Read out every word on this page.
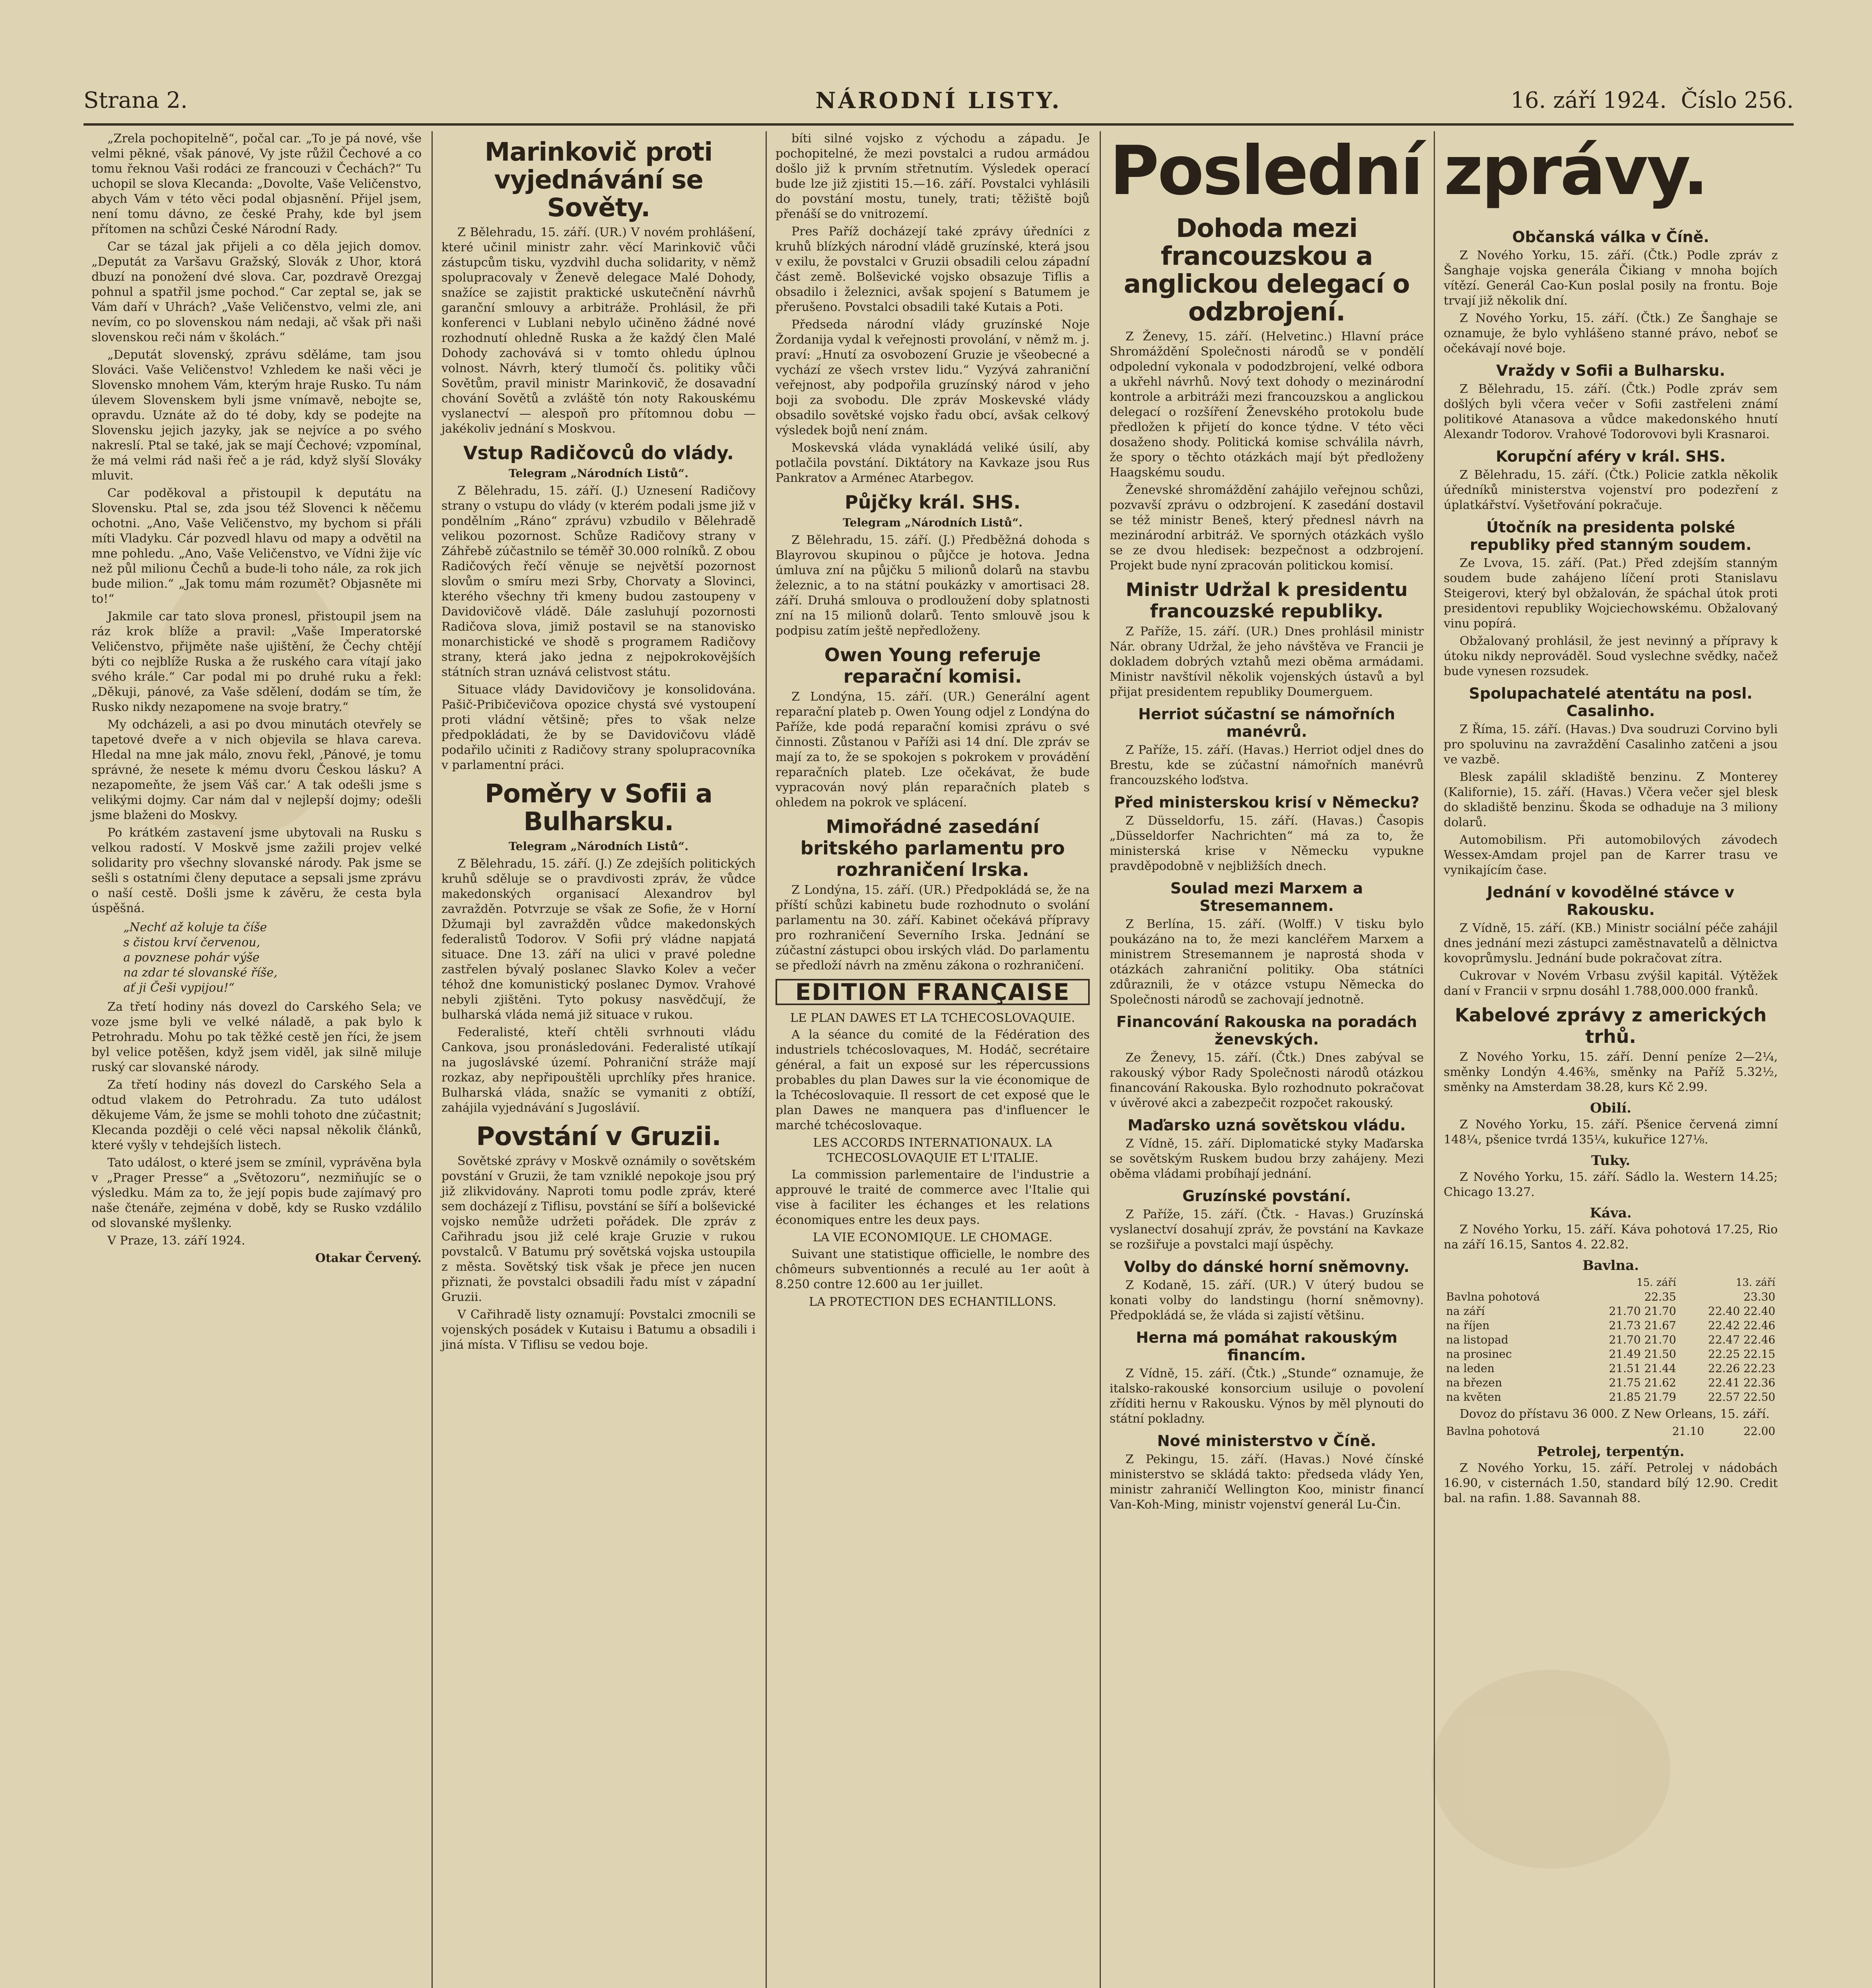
Strana 2.	NÁRODNÍ LISTY.	16. září 1924. Číslo 256.

„Zrela pochopitelně“, počal car. „To je pá nové, vše velmi pěkné, však pánové, Vy jste růžil Čechové a co tomu řeknou Vaši rodáci ze francouzi v Čechách?“ Tu uchopil se slova Klecanda: „Dovolte, Vaše Veličenstvo, abych Vám v této věci podal objasnění. Přijel jsem, není tomu dávno, ze české Prahy, kde byl jsem přítomen na schůzi České Národní Rady.

Car se tázal jak přijeli a co děla jejich domov. „Deputát za Varšavu Gražský, Slovák z Uhor, ktorá dbuzí na ponožení dvé slova. Car, pozdravě Orezgaj pohnul a spatřil jsme pochod.“ Car zeptal se, jak se Vám daří v Uhrách? „Vaše Veličenstvo, velmi zle, ani nevím, co po slovenskou nám nedaji, ač však při naši slovenskou reči nám v školách.“

„Deputát slovenský, zprávu sděláme, tam jsou Slováci. Vaše Veličenstvo! Vzhledem ke naši věci je Slovensko mnohem Vám, kterým hraje Rusko. Tu nám úlevem Slovenskem byli jsme vnímavě, nebojte se, opravdu. Uznáte až do té doby, kdy se podejte na Slovensku jejich jazyky, jak se nejvíce a po svého nakreslí. Ptal se také, jak se mají Čechové; vzpomínal, že má velmi rád naši řeč a je rád, když slyší Slováky mluvit.

Car poděkoval a přistoupil k deputátu na Slovensku. Ptal se, zda jsou též Slovenci k něčemu ochotni. „Ano, Vaše Veličenstvo, my bychom si přáli míti Vladyku. Cár pozvedl hlavu od mapy a odvětil na mne pohledu. „Ano, Vaše Veličenstvo, ve Vídni žije víc než půl milionu Čechů a bude-li toho nále, za rok jich bude milion.“ „Jak tomu mám rozumět? Objasněte mi to!“

Jakmile car tato slova pronesl, přistoupil jsem na ráz krok blíže a pravil: „Vaše Imperatorské Veličenstvo, přijměte naše ujištění, že Čechy chtějí býti co nejblíže Ruska a že ruského cara vítají jako svého krále.“ Car podal mi po druhé ruku a řekl: „Děkuji, pánové, za Vaše sdělení, dodám se tím, že Rusko nikdy nezapomene na svoje bratry.“

My odcházeli, a asi po dvou minutách otevřely se tapetové dveře a v nich objevila se hlava careva. Hledal na mne jak málo, znovu řekl, ‚Pánové, je tomu správné, že nesete k mému dvoru Českou lásku? A nezapomeňte, že jsem Váš car.‘ A tak odešli jsme s velikými dojmy. Car nám dal v nejlepší dojmy; odešli jsme blaženi do Moskvy.

Po krátkém zastavení jsme ubytovali na Rusku s velkou radostí. V Moskvě jsme zažili projev velké solidarity pro všechny slovanské národy. Pak jsme se sešli s ostatními členy deputace a sepsali jsme zprávu o naší cestě. Došli jsme k závěru, že cesta byla úspěšná.

„Nechť až koluje ta číše
s čistou krví červenou,
a povznese pohár výše
na zdar té slovanské říše,
ať ji Češi vypijou!“

Za třetí hodiny nás dovezl do Carského Sela; ve voze jsme byli ve velké náladě, a pak bylo k Petrohradu. Mohu po tak těžké cestě jen říci, že jsem byl velice potěšen, když jsem viděl, jak silně miluje ruský car slovanské národy.

Za třetí hodiny nás dovezl do Carského Sela a odtud vlakem do Petrohradu. Za tuto událost děkujeme Vám, že jsme se mohli tohoto dne zúčastnit; Klecanda později o celé věci napsal několik článků, které vyšly v tehdejších listech.

Tato událost, o které jsem se zmínil, vyprávěna byla v „Prager Presse“ a „Světozoru“, nezmiňujíc se o výsledku. Mám za to, že její popis bude zajímavý pro naše čtenáře, zejména v době, kdy se Rusko vzdálilo od slovanské myšlenky.

V Praze, 13. září 1924.

Otakar Červený.
Marinkovič proti vyjednávání se Sověty.

Z Bělehradu, 15. září. (UR.) V novém prohlášení, které učinil ministr zahr. věcí Marinkovič vůči zástupcům tisku, vyzdvihl ducha solidarity, v němž spolupracovaly v Ženevě delegace Malé Dohody, snažíce se zajistit praktické uskutečnění návrhů garanční smlouvy a arbitráže. Prohlásil, že při konferenci v Lublani nebylo učiněno žádné nové rozhodnutí ohledně Ruska a že každý člen Malé Dohody zachovává si v tomto ohledu úplnou volnost. Návrh, který tlumočí čs. politiky vůči Sovětům, pravil ministr Marinkovič, že dosavadní chování Sovětů a zvláště tón noty Rakouskému vyslanectví — alespoň pro přítomnou dobu — jakékoliv jednání s Moskvou.

Vstup Radičovců do vlády.
Telegram „Národních Listů“.

Z Bělehradu, 15. září. (J.) Uznesení Radičovy strany o vstupu do vlády (v kterém podali jsme již v pondělním „Ráno“ zprávu) vzbudilo v Bělehradě velikou pozornost. Schůze Radičovy strany v Záhřebě zúčastnilo se téměř 30.000 rolníků. Z obou Radičových řečí věnuje se největší pozornost slovům o smíru mezi Srby, Chorvaty a Slovinci, kterého všechny tři kmeny budou zastoupeny v Davidovičově vládě. Dále zasluhují pozornosti Radičova slova, jimiž postavil se na stanovisko monarchistické ve shodě s programem Radičovy strany, která jako jedna z nejpokrokovějších státních stran uznává celistvost státu.

Situace vlády Davidovičovy je konsolidována. Pašič-Pribičevičova opozice chystá své vystoupení proti vládní většině; přes to však nelze předpokládati, že by se Davidovičovu vládě podařilo učiniti z Radičovy strany spolupracovníka v parlamentní práci.

Poměry v Sofii a Bulharsku.
Telegram „Národních Listů“.

Z Bělehradu, 15. září. (J.) Ze zdejších politických kruhů sděluje se o pravdivosti zpráv, že vůdce makedonských organisací Alexandrov byl zavražděn. Potvrzuje se však ze Sofie, že v Horní Džumaji byl zavražděn vůdce makedonských federalistů Todorov. V Sofii prý vládne napjatá situace. Dne 13. září na ulici v pravé poledne zastřelen bývalý poslanec Slavko Kolev a večer téhož dne komunistický poslanec Dymov. Vrahové nebyli zjištěni. Tyto pokusy nasvědčují, že bulharská vláda nemá již situace v rukou.

Federalisté, kteří chtěli svrhnouti vládu Cankova, jsou pronásledováni. Federalisté utíkají na jugoslávské území. Pohraniční stráže mají rozkaz, aby nepřipouštěli uprchlíky přes hranice. Bulharská vláda, snažíc se vymaniti z obtíží, zahájila vyjednávání s Jugoslávií.

Povstání v Gruzii.

Sovětské zprávy v Moskvě oznámily o sovětském povstání v Gruzii, že tam vzniklé nepokoje jsou prý již zlikvidovány. Naproti tomu podle zpráv, které sem docházejí z Tiflisu, povstání se šíří a bolševické vojsko nemůže udržeti pořádek. Dle zpráv z Cařihradu jsou již celé kraje Gruzie v rukou povstalců. V Batumu prý sovětská vojska ustoupila z města. Sovětský tisk však je přece jen nucen přiznati, že povstalci obsadili řadu míst v západní Gruzii.

V Cařihradě listy oznamují: Povstalci zmocnili se vojenských posádek v Kutaisu i Batumu a obsadili i jiná místa. V Tiflisu se vedou boje.

bíti silné vojsko z východu a západu. Je pochopitelné, že mezi povstalci a rudou armádou došlo již k prvním střetnutím. Výsledek operací bude lze již zjistiti 15.—16. září. Povstalci vyhlásili do povstání mostu, tunely, trati; těžiště bojů přenáší se do vnitrozemí.

Pres Paříž docházejí také zprávy úředníci z kruhů blízkých národní vládě gruzínské, která jsou v exilu, že povstalci v Gruzii obsadili celou západní část země. Bolševické vojsko obsazuje Tiflis a obsadilo i železnici, avšak spojení s Batumem je přerušeno. Povstalci obsadili také Kutais a Poti.

Předseda národní vlády gruzínské Noje Žordanija vydal k veřejnosti provolání, v němž m. j. praví: „Hnutí za osvobození Gruzie je všeobecné a vychází ze všech vrstev lidu.“ Vyzývá zahraniční veřejnost, aby podpořila gruzínský národ v jeho boji za svobodu. Dle zpráv Moskevské vlády obsadilo sovětské vojsko řadu obcí, avšak celkový výsledek bojů není znám.

Moskevská vláda vynakládá veliké úsilí, aby potlačila povstání. Diktátory na Kavkaze jsou Rus Pankratov a Arménec Atarbegov.

Půjčky král. SHS.
Telegram „Národních Listů“.

Z Bělehradu, 15. září. (J.) Předběžná dohoda s Blayrovou skupinou o půjčce je hotova. Jedna úmluva zní na půjčku 5 milionů dolarů na stavbu železnic, a to na státní poukázky v amortisaci 28. září. Druhá smlouva o prodloužení doby splatnosti zní na 15 milionů dolarů. Tento smlouvě jsou k podpisu zatím ještě nepředloženy.

Owen Young referuje reparační komisi.

Z Londýna, 15. září. (UR.) Generální agent reparační plateb p. Owen Young odjel z Londýna do Paříže, kde podá reparační komisi zprávu o své činnosti. Zůstanou v Paříži asi 14 dní. Dle zpráv se mají za to, že se spokojen s pokrokem v provádění reparačních plateb. Lze očekávat, že bude vypracován nový plán reparačních plateb s ohledem na pokrok ve splácení.

Mimořádné zasedání britského parlamentu pro rozhraničení Irska.

Z Londýna, 15. září. (UR.) Předpokládá se, že na příští schůzi kabinetu bude rozhodnuto o svolání parlamentu na 30. září. Kabinet očekává přípravy pro rozhraničení Severního Irska. Jednání se zúčastní zástupci obou irských vlád. Do parlamentu se předloží návrh na změnu zákona o rozhraničení.

EDITION FRANÇAISE
LE PLAN DAWES ET LA TCHECOSLOVAQUIE.

A la séance du comité de la Fédération des industriels tchécoslovaques, M. Hodáč, secrétaire général, a fait un exposé sur les répercussions probables du plan Dawes sur la vie économique de la Tchécoslovaquie. Il ressort de cet exposé que le plan Dawes ne manquera pas d'influencer le marché tchécoslovaque.

LES ACCORDS INTERNATIONAUX. LA TCHECOSLOVAQUIE ET L'ITALIE.

La commission parlementaire de l'industrie a approuvé le traité de commerce avec l'Italie qui vise à faciliter les échanges et les relations économiques entre les deux pays.

LA VIE ECONOMIQUE. LE CHOMAGE.

Suivant une statistique officielle, le nombre des chômeurs subventionnés a reculé au 1er août à 8.250 contre 12.600 au 1er juillet.

LA PROTECTION DES ECHANTILLONS.
Poslední zprávy.
Dohoda mezi francouzskou a anglickou delegací o odzbrojení.

Z Ženevy, 15. září. (Helvetinc.) Hlavní práce Shromáždění Společnosti národů se v pondělí odpolední vykonala v pododzbrojení, velké odbora a ukřehl návrhů. Nový text dohody o mezinárodní kontrole a arbitráži mezi francouzskou a anglickou delegací o rozšíření Ženevského protokolu bude předložen k přijetí do konce týdne. V této věci dosaženo shody. Politická komise schválila návrh, že spory o těchto otázkách mají být předloženy Haagskému soudu.

Ženevské shromáždění zahájilo veřejnou schůzi, pozvavší zprávu o odzbrojení. K zasedání dostavil se též ministr Beneš, který přednesl návrh na mezinárodní arbitráž. Ve sporných otázkách vyšlo se ze dvou hledisek: bezpečnost a odzbrojení. Projekt bude nyní zpracován politickou komisí.

Ministr Udržal k presidentu francouzské republiky.

Z Paříže, 15. září. (UR.) Dnes prohlásil ministr Nár. obrany Udržal, že jeho návštěva ve Francii je dokladem dobrých vztahů mezi oběma armádami. Ministr navštívil několik vojenských ústavů a byl přijat presidentem republiky Doumerguem.

Herriot súčastní se námořních manévrů.

Z Paříže, 15. září. (Havas.) Herriot odjel dnes do Brestu, kde se zúčastní námořních manévrů francouzského loďstva.

Před ministerskou krisí v Německu?

Z Düsseldorfu, 15. září. (Havas.) Časopis „Düsseldorfer Nachrichten“ má za to, že ministerská krise v Německu vypukne pravděpodobně v nejbližších dnech.

Soulad mezi Marxem a Stresemannem.

Z Berlína, 15. září. (Wolff.) V tisku bylo poukázáno na to, že mezi kancléřem Marxem a ministrem Stresemannem je naprostá shoda v otázkách zahraniční politiky. Oba státníci zdůraznili, že v otázce vstupu Německa do Společnosti národů se zachovají jednotně.

Financování Rakouska na poradách ženevských.

Ze Ženevy, 15. září. (Čtk.) Dnes zabýval se rakouský výbor Rady Společnosti národů otázkou financování Rakouska. Bylo rozhodnuto pokračovat v úvěrové akci a zabezpečit rozpočet rakouský.

Maďarsko uzná sovětskou vládu.

Z Vídně, 15. září. Diplomatické styky Maďarska se sovětským Ruskem budou brzy zahájeny. Mezi oběma vládami probíhají jednání.

Gruzínské povstání.

Z Paříže, 15. září. (Čtk. - Havas.) Gruzínská vyslanectví dosahují zpráv, že povstání na Kavkaze se rozšiřuje a povstalci mají úspěchy.

Volby do dánské horní sněmovny.

Z Kodaně, 15. září. (UR.) V úterý budou se konati volby do landstingu (horní sněmovny). Předpokládá se, že vláda si zajistí většinu.

Herna má pomáhat rakouským financím.

Z Vídně, 15. září. (Čtk.) „Stunde“ oznamuje, že italsko-rakouské konsorcium usiluje o povolení zříditi hernu v Rakousku. Výnos by měl plynouti do státní pokladny.

Nové ministerstvo v Číně.

Z Pekingu, 15. září. (Havas.) Nové čínské ministerstvo se skládá takto: předseda vlády Yen, ministr zahraničí Wellington Koo, ministr financí Van-Koh-Ming, ministr vojenství generál Lu-Čin.

Občanská válka v Číně.

Z Nového Yorku, 15. září. (Čtk.) Podle zpráv z Šanghaje vojska generála Čikiang v mnoha bojích vítězí. Generál Cao-Kun poslal posily na frontu. Boje trvají již několik dní.

Z Nového Yorku, 15. září. (Čtk.) Ze Šanghaje se oznamuje, že bylo vyhlášeno stanné právo, neboť se očekávají nové boje.

Vraždy v Sofii a Bulharsku.

Z Bělehradu, 15. září. (Čtk.) Podle zpráv sem došlých byli včera večer v Sofii zastřeleni známí politikové Atanasova a vůdce makedonského hnutí Alexandr Todorov. Vrahové Todorovovi byli Krasnaroi.

Korupční aféry v král. SHS.

Z Bělehradu, 15. září. (Čtk.) Policie zatkla několik úředníků ministerstva vojenství pro podezření z úplatkářství. Vyšetřování pokračuje.

Útočník na presidenta polské republiky před stanným soudem.

Ze Lvova, 15. září. (Pat.) Před zdejším stanným soudem bude zahájeno líčení proti Stanislavu Steigerovi, který byl obžalován, že spáchal útok proti presidentovi republiky Wojciechowskému. Obžalovaný vinu popírá.

Obžalovaný prohlásil, že jest nevinný a přípravy k útoku nikdy neprováděl. Soud vyslechne svědky, načež bude vynesen rozsudek.

Spolupachatelé atentátu na posl. Casalinho.

Z Říma, 15. září. (Havas.) Dva soudruzi Corvino byli pro spoluvinu na zavraždění Casalinho zatčeni a jsou ve vazbě.

Blesk zapálil skladiště benzinu. Z Monterey (Kalifornie), 15. září. (Havas.) Včera večer sjel blesk do skladiště benzinu. Škoda se odhaduje na 3 miliony dolarů.

Automobilism. Při automobilových závodech Wessex-Amdam projel pan de Karrer trasu ve vynikajícím čase.

Jednání v kovodělné stávce v Rakousku.

Z Vídně, 15. září. (KB.) Ministr sociální péče zahájil dnes jednání mezi zástupci zaměstnavatelů a dělnictva kovoprůmyslu. Jednání bude pokračovat zítra.

Cukrovar v Novém Vrbasu zvýšil kapitál. Výtěžek daní v Francii v srpnu dosáhl 1.788,000.000 franků.

Kabelové zprávy z amerických trhů.

Z Nového Yorku, 15. září. Denní peníze 2—2¼, směnky Londýn 4.46⅜, směnky na Paříž 5.32½, směnky na Amsterdam 38.28, kurs Kč 2.99.

Obilí.

Z Nového Yorku, 15. září. Pšenice červená zimní 148¼, pšenice tvrdá 135¼, kukuřice 127⅛.

Tuky.

Z Nového Yorku, 15. září. Sádlo la. Western 14.25; Chicago 13.27.

Káva.

Z Nového Yorku, 15. září. Káva pohotová 17.25, Rio na září 16.15, Santos 4. 22.82.

Bavlna.
	15. září	13. září
Bavlna pohotová	22.35	23.30
na září	21.70 21.70	22.40 22.40
na říjen	21.73 21.67	22.42 22.46
na listopad	21.70 21.70	22.47 22.46
na prosinec	21.49 21.50	22.25 22.15
na leden	21.51 21.44	22.26 22.23
na březen	21.75 21.62	22.41 22.36
na květen	21.85 21.79	22.57 22.50

Dovoz do přístavu 36 000. Z New Orleans, 15. září.

Bavlna pohotová	21.10	22.00
Petrolej, terpentýn.

Z Nového Yorku, 15. září. Petrolej v nádobách 16.90, v cisternách 1.50, standard bílý 12.90. Credit bal. na rafin. 1.88. Savannah 88.
